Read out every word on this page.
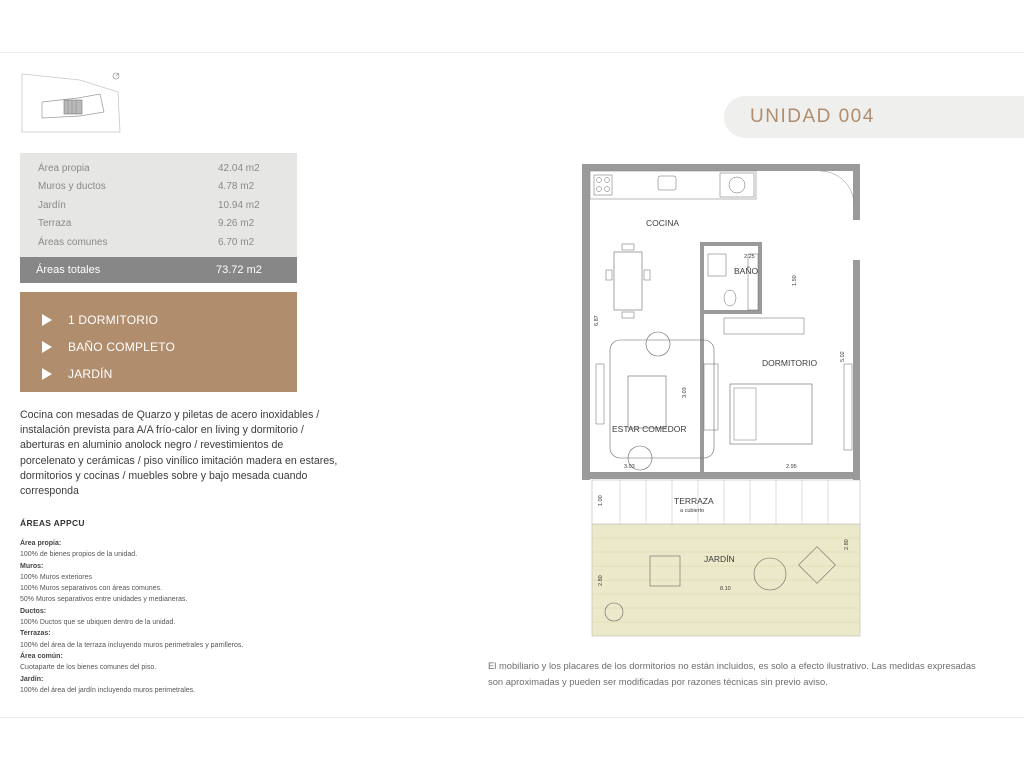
Área propia	42.04 m2
Muros y ductos	4.78 m2
Jardín	10.94 m2
Terraza	9.26 m2
Áreas comunes	6.70 m2
Áreas totales	73.72 m2
1 DORMITORIO
BAÑO COMPLETO
JARDÍN

Cocina con mesadas de Quarzo y piletas de acero inoxidables / instalación prevista para A/A frío-calor en living y dormitorio / aberturas en aluminio anolock negro / revestimientos de porcelenato y cerámicas / piso vinílico imitación madera en estares, dormitorios y cocinas / muebles sobre y bajo mesada cuando corresponda

ÁREAS APPCU
Área propia:
100% de bienes propios de la unidad.
Muros:
100% Muros exteriores
100% Muros separativos con áreas comunes.
50% Muros separativos entre unidades y medianeras.
Ductos:
100% Ductos que se ubiquen dentro de la unidad.
Terrazas:
100% del área de la terraza incluyendo muros perimetrales y parrilleros.
Área común:
Cuotaparte de los bienes comunes del piso.
Jardín:
100% del área del jardín incluyendo muros perimetrales.
UNIDAD 004
COCINA
BAÑO
DORMITORIO
ESTAR COMEDOR
TERRAZA
a cubierto
JARDÍN
6.87
2.25
1.50
5.02
3.03
3.03	2.95
1.00
2.80
2.80
8.10

El mobiliario y los placares de los dormitorios no están incluidos, es solo a efecto ilustrativo. Las medidas expresadas son aproximadas y pueden ser modificadas por razones técnicas sin previo aviso.
